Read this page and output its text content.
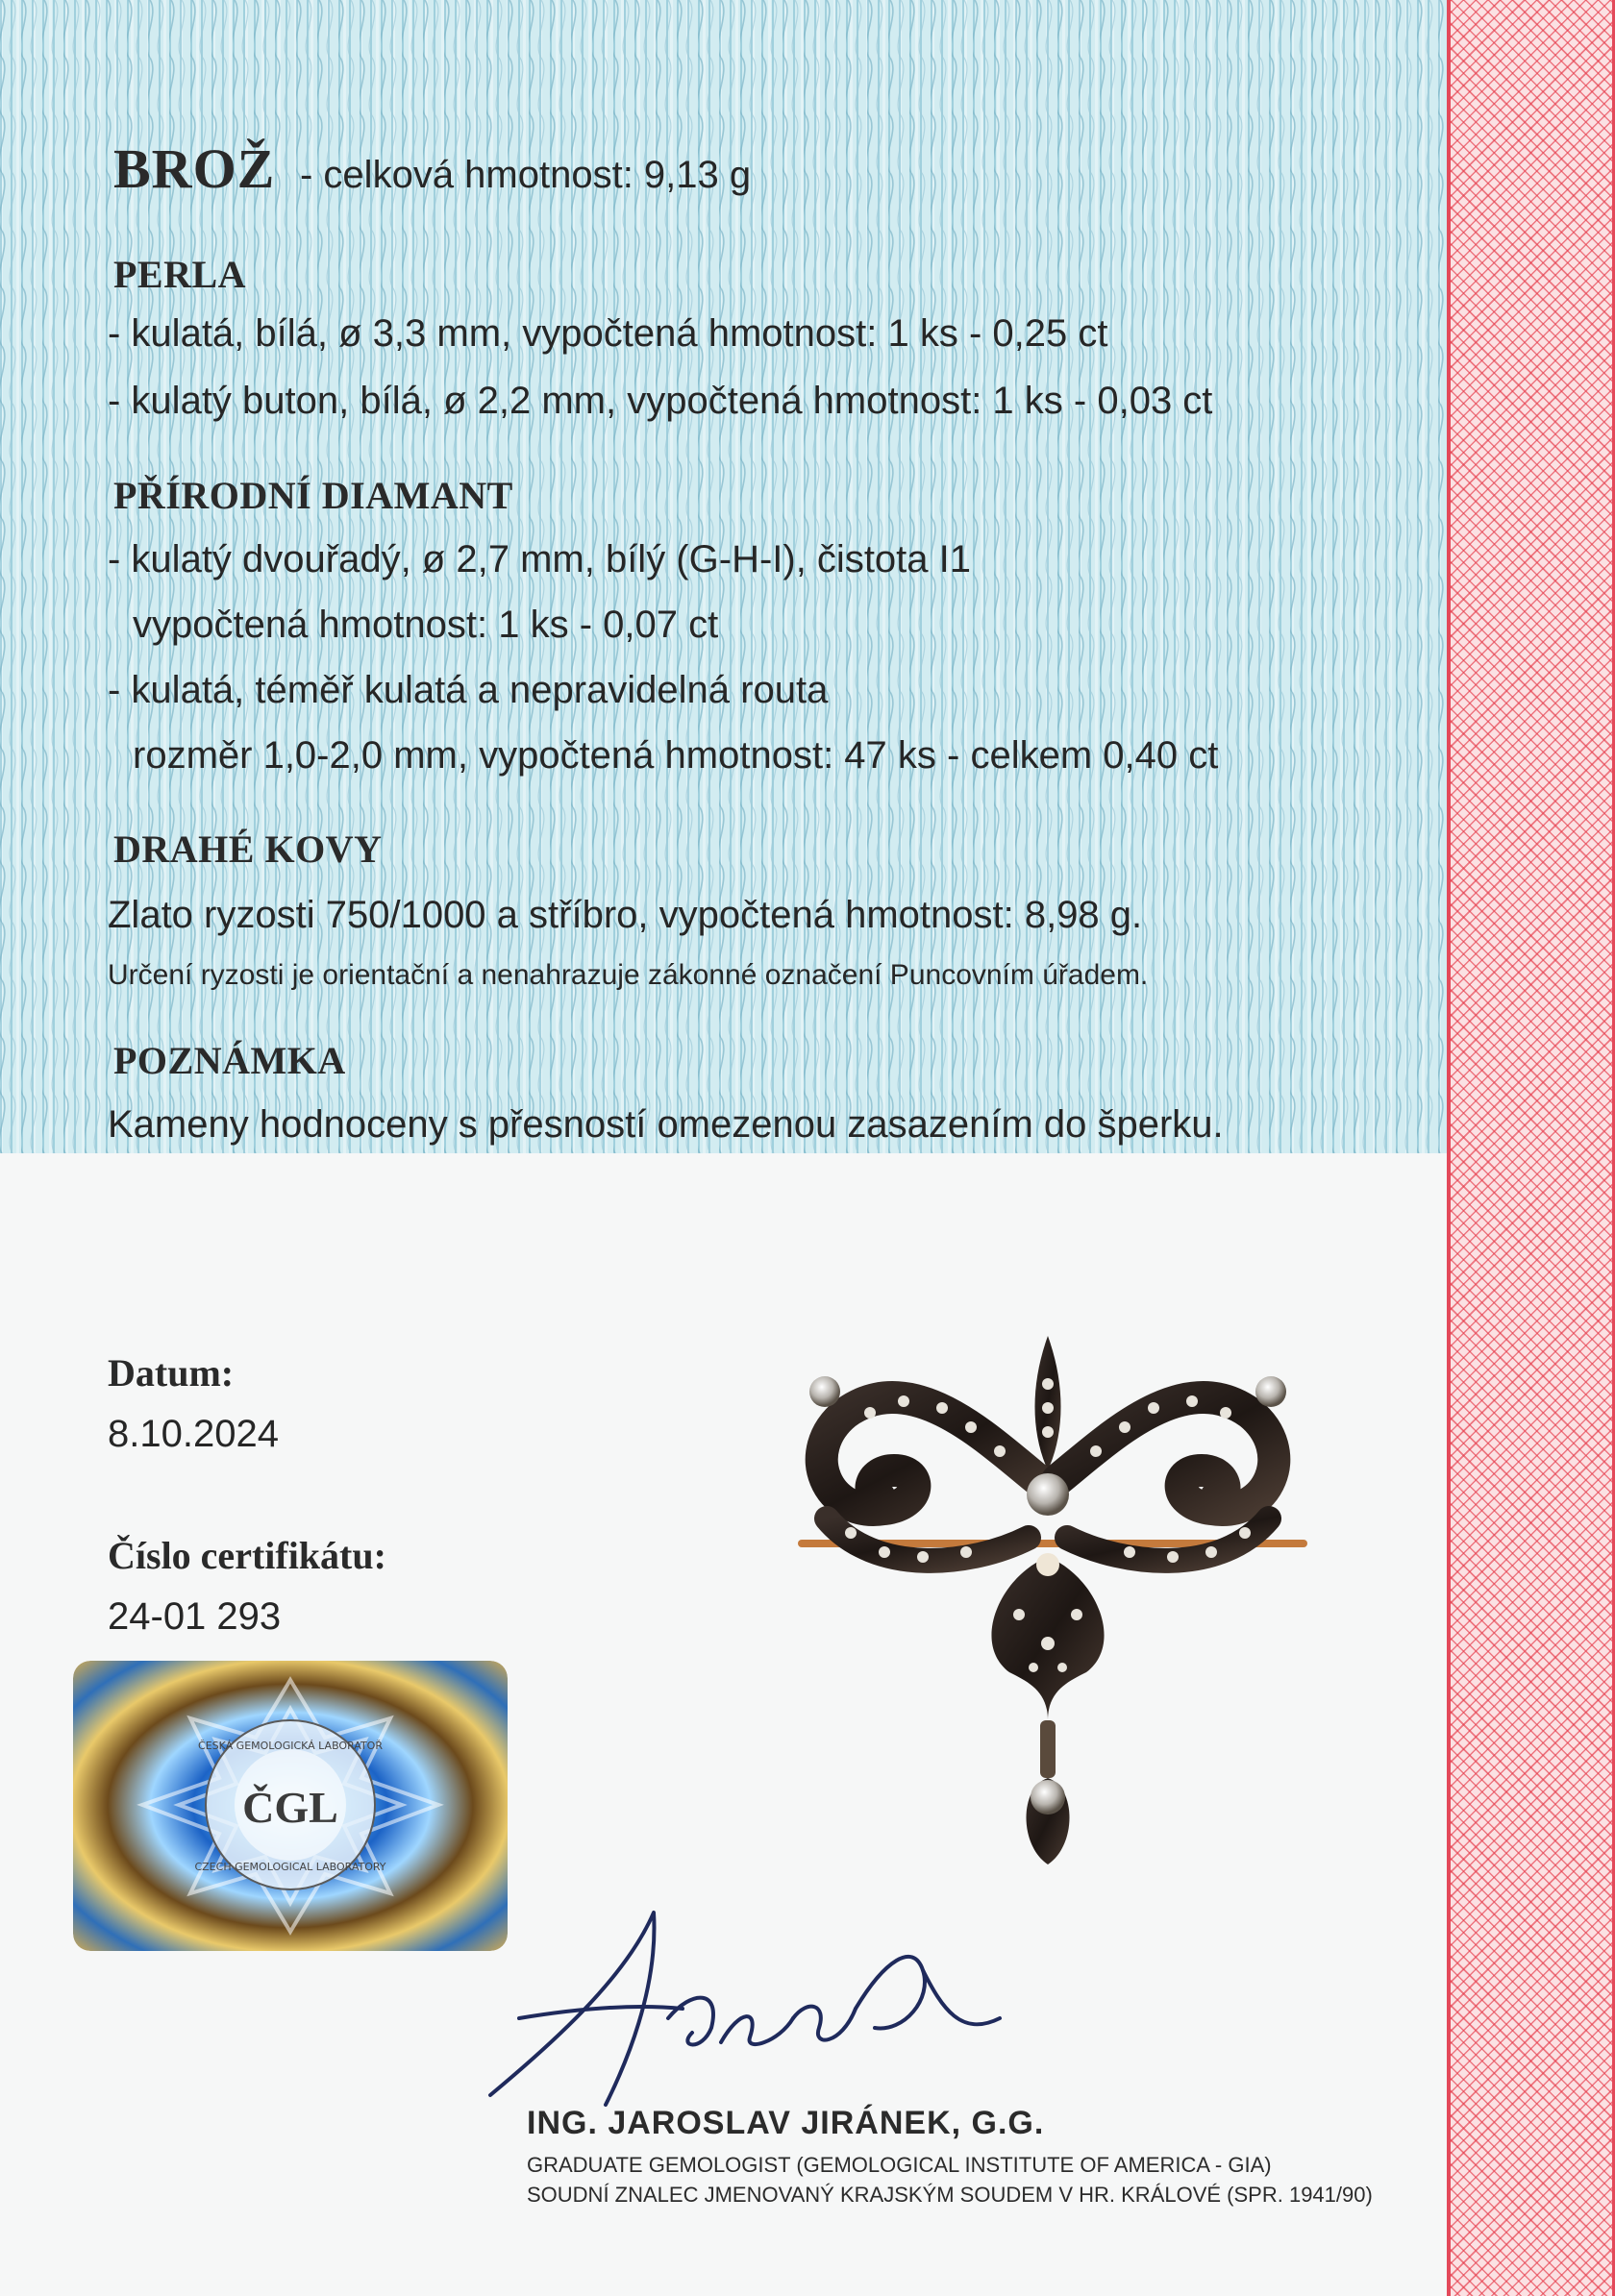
BROŽ - celková hmotnost: 9,13 g
PERLA
- kulatá, bílá, ø 3,3 mm, vypočtená hmotnost: 1 ks - 0,25 ct
- kulatý buton, bílá, ø 2,2 mm, vypočtená hmotnost: 1 ks - 0,03 ct
PŘÍRODNÍ DIAMANT
- kulatý dvouřadý, ø 2,7 mm, bílý (G-H-I), čistota I1
vypočtená hmotnost: 1 ks - 0,07 ct
- kulatá, téměř kulatá a nepravidelná routa
rozměr 1,0-2,0 mm, vypočtená hmotnost: 47 ks - celkem 0,40 ct
DRAHÉ KOVY
Zlato ryzosti 750/1000 a stříbro, vypočtená hmotnost: 8,98 g.
Určení ryzosti je orientační a nenahrazuje zákonné označení Puncovním úřadem.
POZNÁMKA
Kameny hodnoceny s přesností omezenou zasazením do šperku.
Datum:
8.10.2024
Číslo certifikátu:
24-01 293
ČGL
ČESKÁ GEMOLOGICKÁ LABORATOŘ
CZECH GEMOLOGICAL LABORATORY
ING. JAROSLAV JIRÁNEK, G.G.
GRADUATE GEMOLOGIST (GEMOLOGICAL INSTITUTE OF AMERICA - GIA)
SOUDNÍ ZNALEC JMENOVANÝ KRAJSKÝM SOUDEM V HR. KRÁLOVÉ (SPR. 1941/90)
